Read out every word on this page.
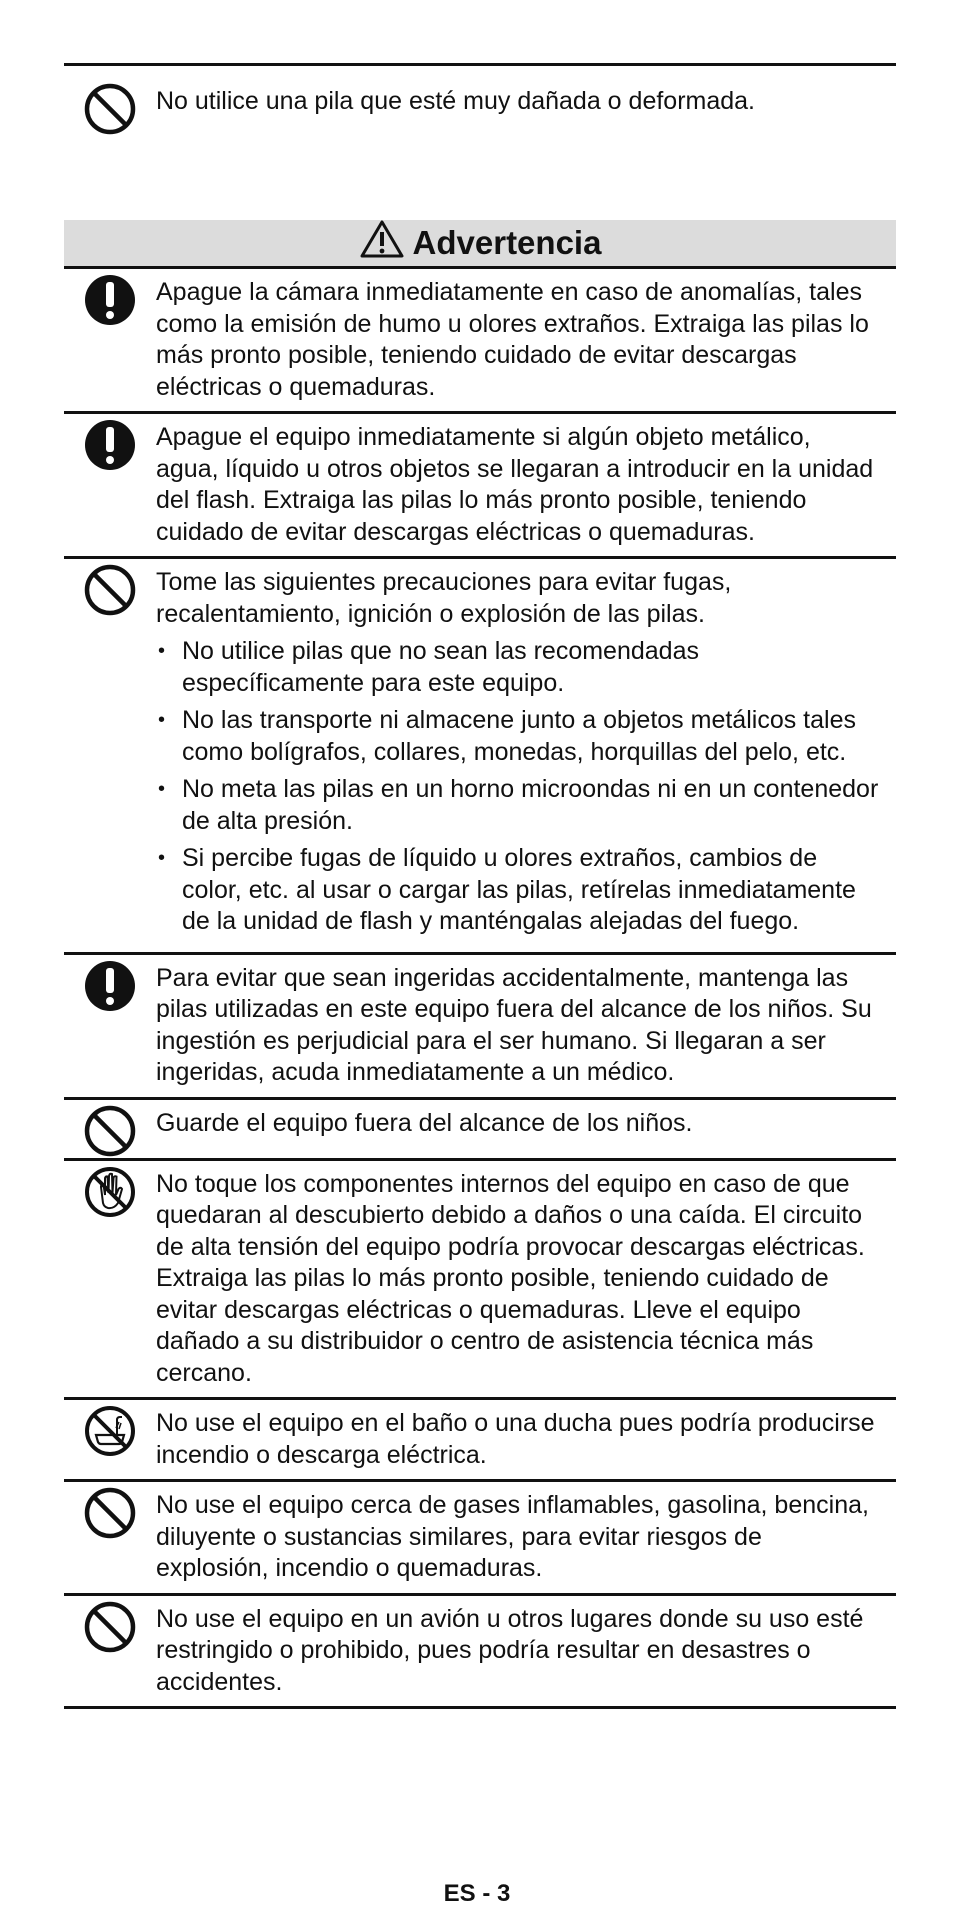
No utilice una pila que esté muy dañada o deformada.

Advertencia

Apague la cámara inmediatamente en caso de anomalías, tales como la emisión de humo u olores extraños. Extraiga las pilas lo más pronto posible, teniendo cuidado de evitar descargas eléctricas o quemaduras.

Apague el equipo inmediatamente si algún objeto metálico, agua, líquido u otros objetos se llegaran a introducir en la unidad del flash. Extraiga las pilas lo más pronto posible, teniendo cuidado de evitar descargas eléctricas o quemaduras.

Tome las siguientes precauciones para evitar fugas, recalentamiento, ignición o explosión de las pilas.

• No utilice pilas que no sean las recomendadas específicamente para este equipo.
• No las transporte ni almacene junto a objetos metálicos tales como bolígrafos, collares, monedas, horquillas del pelo, etc.
• No meta las pilas en un horno microondas ni en un contenedor de alta presión.
• Si percibe fugas de líquido u olores extraños, cambios de color, etc. al usar o cargar las pilas, retírelas inmediatamente de la unidad de flash y manténgalas alejadas del fuego.

Para evitar que sean ingeridas accidentalmente, mantenga las pilas utilizadas en este equipo fuera del alcance de los niños. Su ingestión es perjudicial para el ser humano. Si llegaran a ser ingeridas, acuda inmediatamente a un médico.

Guarde el equipo fuera del alcance de los niños.

No toque los componentes internos del equipo en caso de que quedaran al descubierto debido a daños o una caída. El circuito de alta tensión del equipo podría provocar descargas eléctricas. Extraiga las pilas lo más pronto posible, teniendo cuidado de evitar descargas eléctricas o quemaduras. Lleve el equipo dañado a su distribuidor o centro de asistencia técnica más cercano.

No use el equipo en el baño o una ducha pues podría producirse incendio o descarga eléctrica.

No use el equipo cerca de gases inflamables, gasolina, bencina, diluyente o sustancias similares, para evitar riesgos de explosión, incendio o quemaduras.

No use el equipo en un avión u otros lugares donde su uso esté restringido o prohibido, pues podría resultar en desastres o accidentes.

ES - 3
